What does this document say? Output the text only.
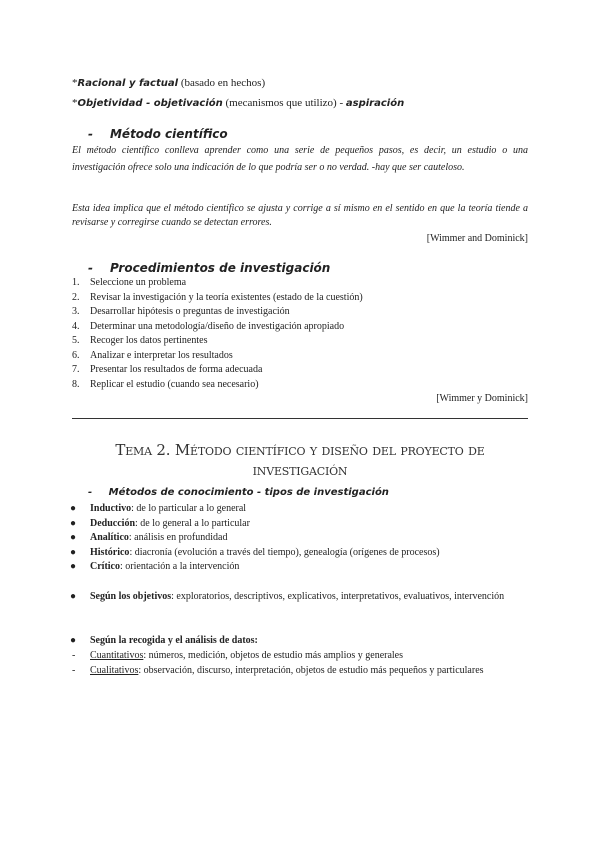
*Racional y factual (basado en hechos)
*Objetividad - objetivación (mecanismos que utilizo) - aspiración
- Método científico
El método científico conlleva aprender como una serie de pequeños pasos, es decir, un estudio o una investigación ofrece solo una indicación de lo que podría ser o no verdad. -hay que ser cauteloso.
Esta idea implica que el método científico se ajusta y corrige a sí mismo en el sentido en que la teoría tiende a revisarse y corregirse cuando se detectan errores.
[Wimmer and Dominick]
- Procedimientos de investigación
1. Seleccione un problema
2. Revisar la investigación y la teoría existentes (estado de la cuestión)
3. Desarrollar hipótesis o preguntas de investigación
4. Determinar una metodología/diseño de investigación apropiado
5. Recoger los datos pertinentes
6. Analizar e interpretar los resultados
7. Presentar los resultados de forma adecuada
8. Replicar el estudio (cuando sea necesario)
[Wimmer y Dominick]
Tema 2. Método científico y diseño del proyecto de investigación
- Métodos de conocimiento - tipos de investigación
● Inductivo: de lo particular a lo general
● Deducción: de lo general a lo particular
● Analítico: análisis en profundidad
● Histórico: diacronía (evolución a través del tiempo), genealogía (orígenes de procesos)
● Crítico: orientación a la intervención
● Según los objetivos: exploratorios, descriptivos, explicativos, interpretativos, evaluativos, intervención
● Según la recogida y el análisis de datos:
- Cuantitativos: números, medición, objetos de estudio más amplios y generales
- Cualitativos: observación, discurso, interpretación, objetos de estudio más pequeños y particulares
